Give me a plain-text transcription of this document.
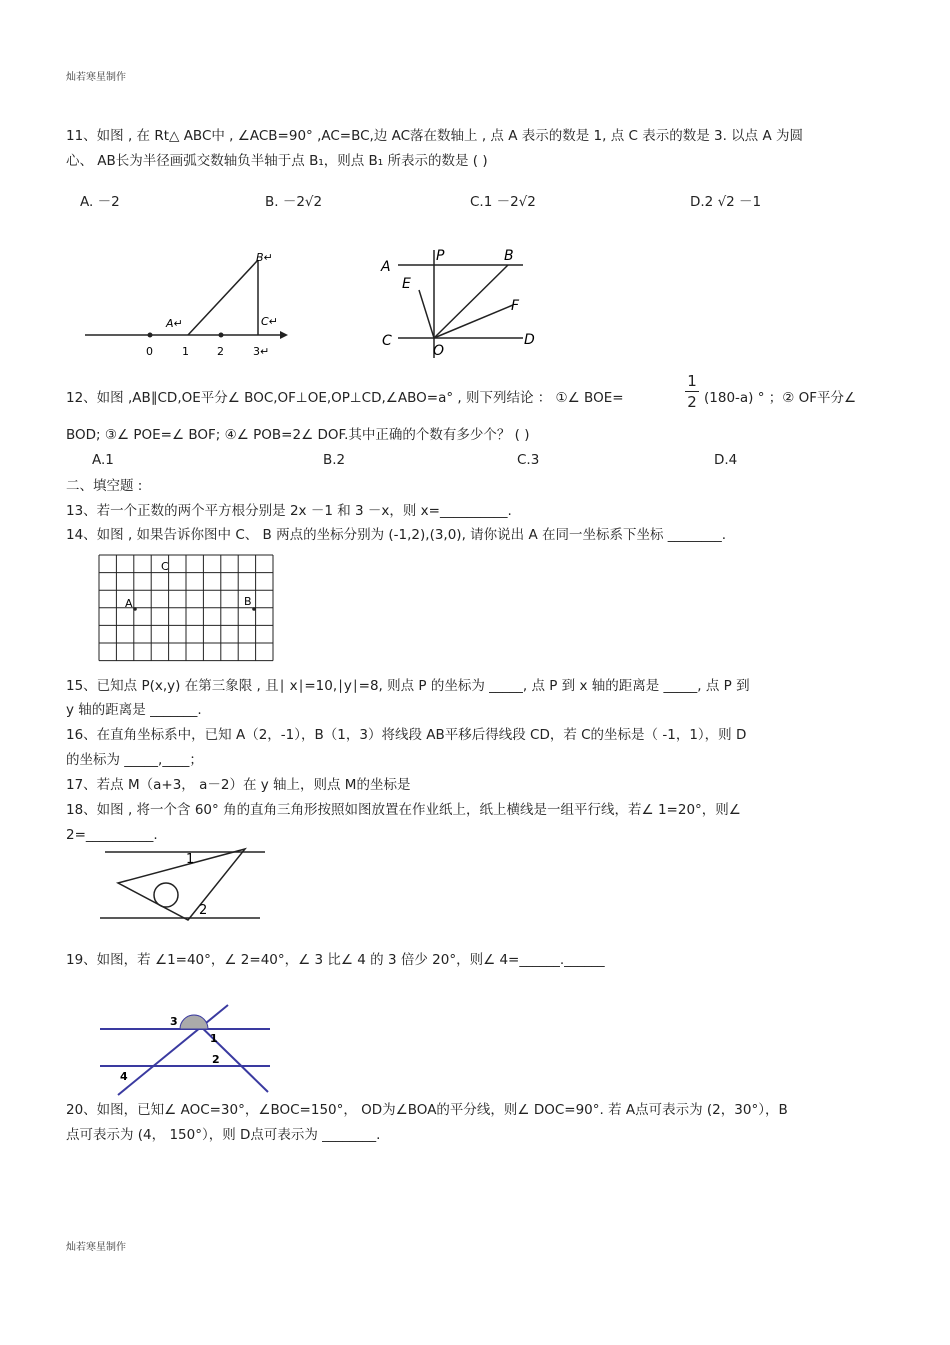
灿若寒星制作
11、如图 , 在 Rt△ ABC中 , ∠ACB=90° ,AC=BC,边 AC落在数轴上 , 点 A 表示的数是 1, 点 C 表示的数是 3. 以点 A 为圆
心、 AB长为半径画弧交数轴负半轴于点 B₁，则点 B₁ 所表示的数是 ( )
A. －2	B. －2√2	C.1 －2√2	D.2 √2 －1
B↵
A↵	C↵
0	1	2	3↵
A
P	B
E
F
C
O
D
12、如图 ,AB∥CD,OE平分∠ BOC,OF⊥OE,OP⊥CD,∠ABO=a° , 则下列结论 ： ①∠ BOE=
1
2 (180-a) ° ；② OF平分∠
BOD; ③∠ POE=∠ BOF; ④∠ POB=2∠ DOF.其中正确的个数有多少个？ ( )
A.1	B.2	C.3	D.4
二、填空题 :
13、若一个正数的两个平方根分别是 2x －1 和 3 －x，则 x=__________.
14、如图 , 如果告诉你图中 C、 B 两点的坐标分别为 (-1,2),(3,0), 请你说出 A 在同一坐标系下坐标 ________.
C
A	B
15、已知点 P(x,y) 在第三象限 , 且∣ x∣=10,∣y∣=8, 则点 P 的坐标为 _____, 点 P 到 x 轴的距离是 _____, 点 P 到
y 轴的距离是 _______.
16、在直角坐标系中，已知 A（2，-1），B（1，3）将线段 AB平移后得线段 CD，若 C的坐标是（ -1，1），则 D
的坐标为 _____,____；
17、若点 M（a+3， a－2）在 y 轴上，则点 M的坐标是
18、如图 , 将一个含 60° 角的直角三角形按照如图放置在作业纸上，纸上横线是一组平行线，若∠ 1=20°，则∠
2=__________.
1
2
19、如图，若 ∠1=40°，∠ 2=40°，∠ 3 比∠ 4 的 3 倍少 20°，则∠ 4=______.______
3
1
2
4
20、如图，已知∠ AOC=30°，∠BOC=150°， OD为∠BOA的平分线，则∠ DOC=90°. 若 A点可表示为 (2，30°），B
点可表示为 (4， 150°），则 D点可表示为 ________.
灿若寒星制作
